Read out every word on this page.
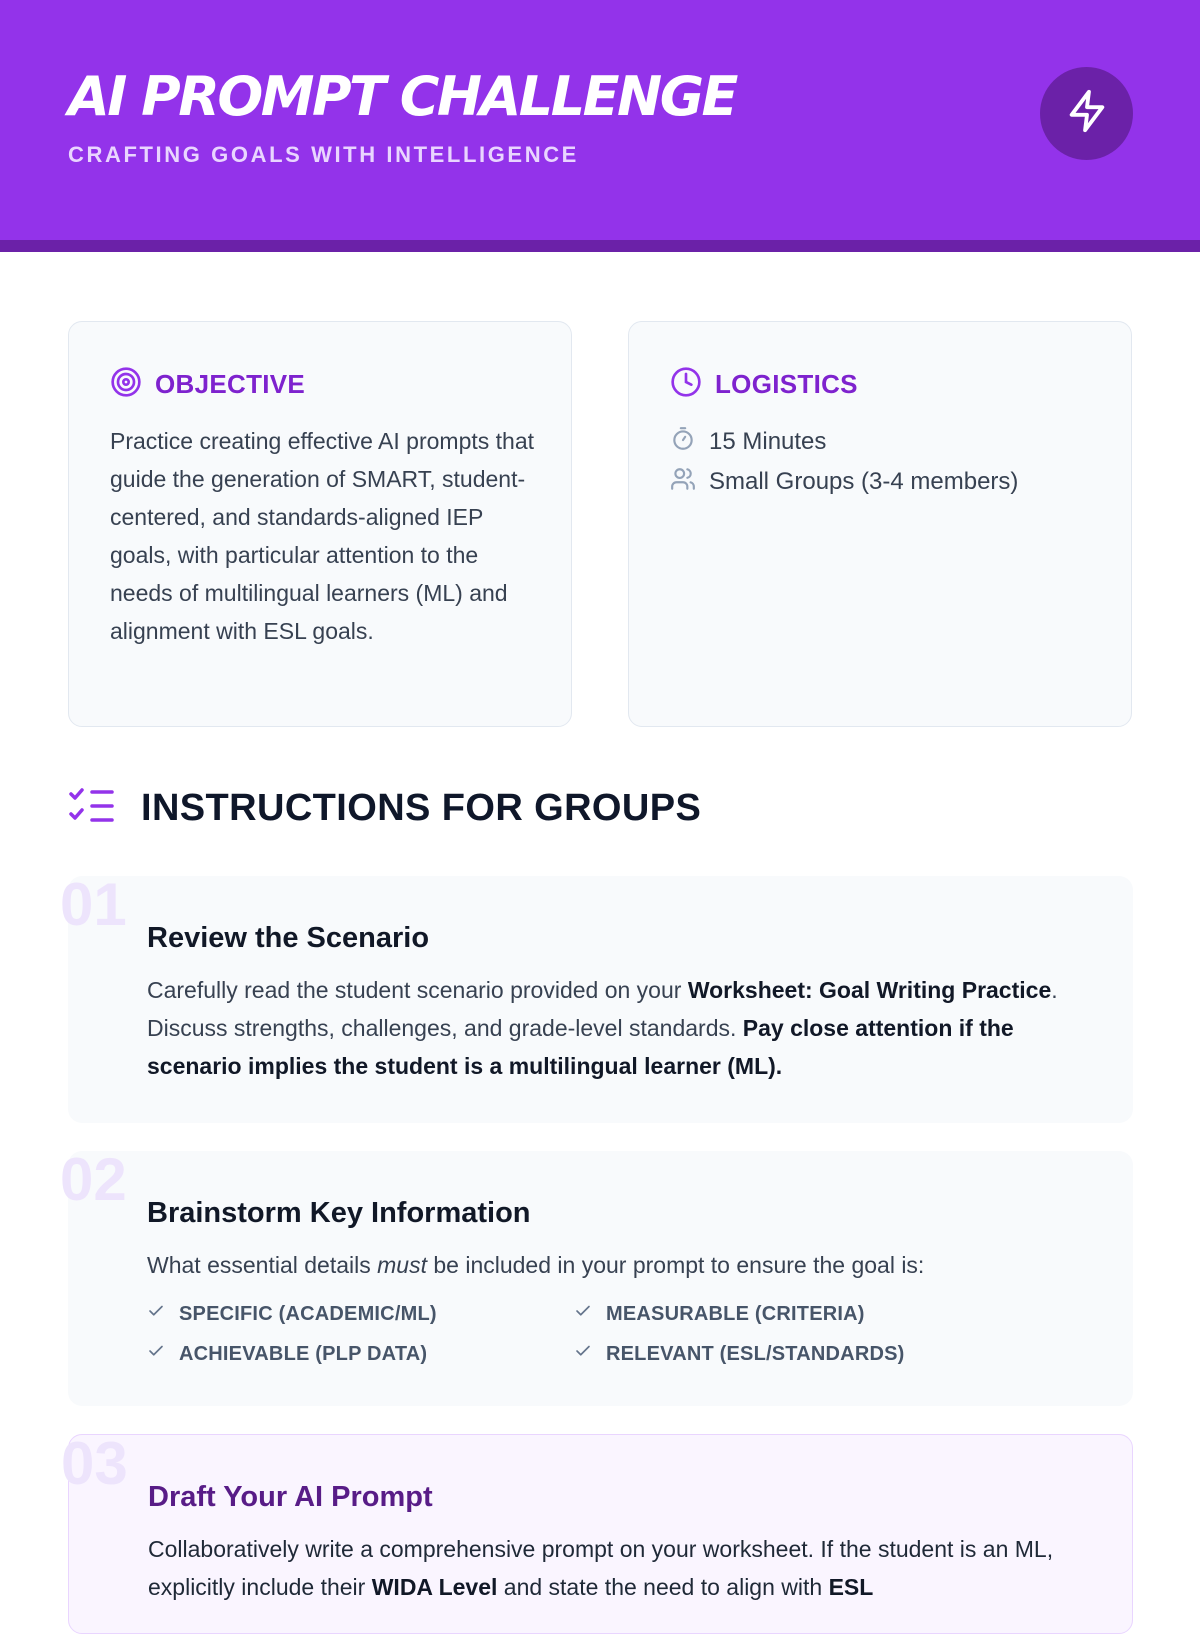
AI PROMPT CHALLENGE
CRAFTING GOALS WITH INTELLIGENCE
OBJECTIVE
Practice creating effective AI prompts that guide the generation of SMART, student-centered, and standards-aligned IEP goals, with particular attention to the needs of multilingual learners (ML) and alignment with ESL goals.
LOGISTICS
15 Minutes
Small Groups (3-4 members)
INSTRUCTIONS FOR GROUPS
01 Review the Scenario
Carefully read the student scenario provided on your Worksheet: Goal Writing Practice. Discuss strengths, challenges, and grade-level standards. Pay close attention if the scenario implies the student is a multilingual learner (ML).
02 Brainstorm Key Information
What essential details must be included in your prompt to ensure the goal is:
SPECIFIC (ACADEMIC/ML)	MEASURABLE (CRITERIA)
ACHIEVABLE (PLP DATA)	RELEVANT (ESL/STANDARDS)
03 Draft Your AI Prompt
Collaboratively write a comprehensive prompt on your worksheet. If the student is an ML, explicitly include their WIDA Level and state the need to align with ESL
